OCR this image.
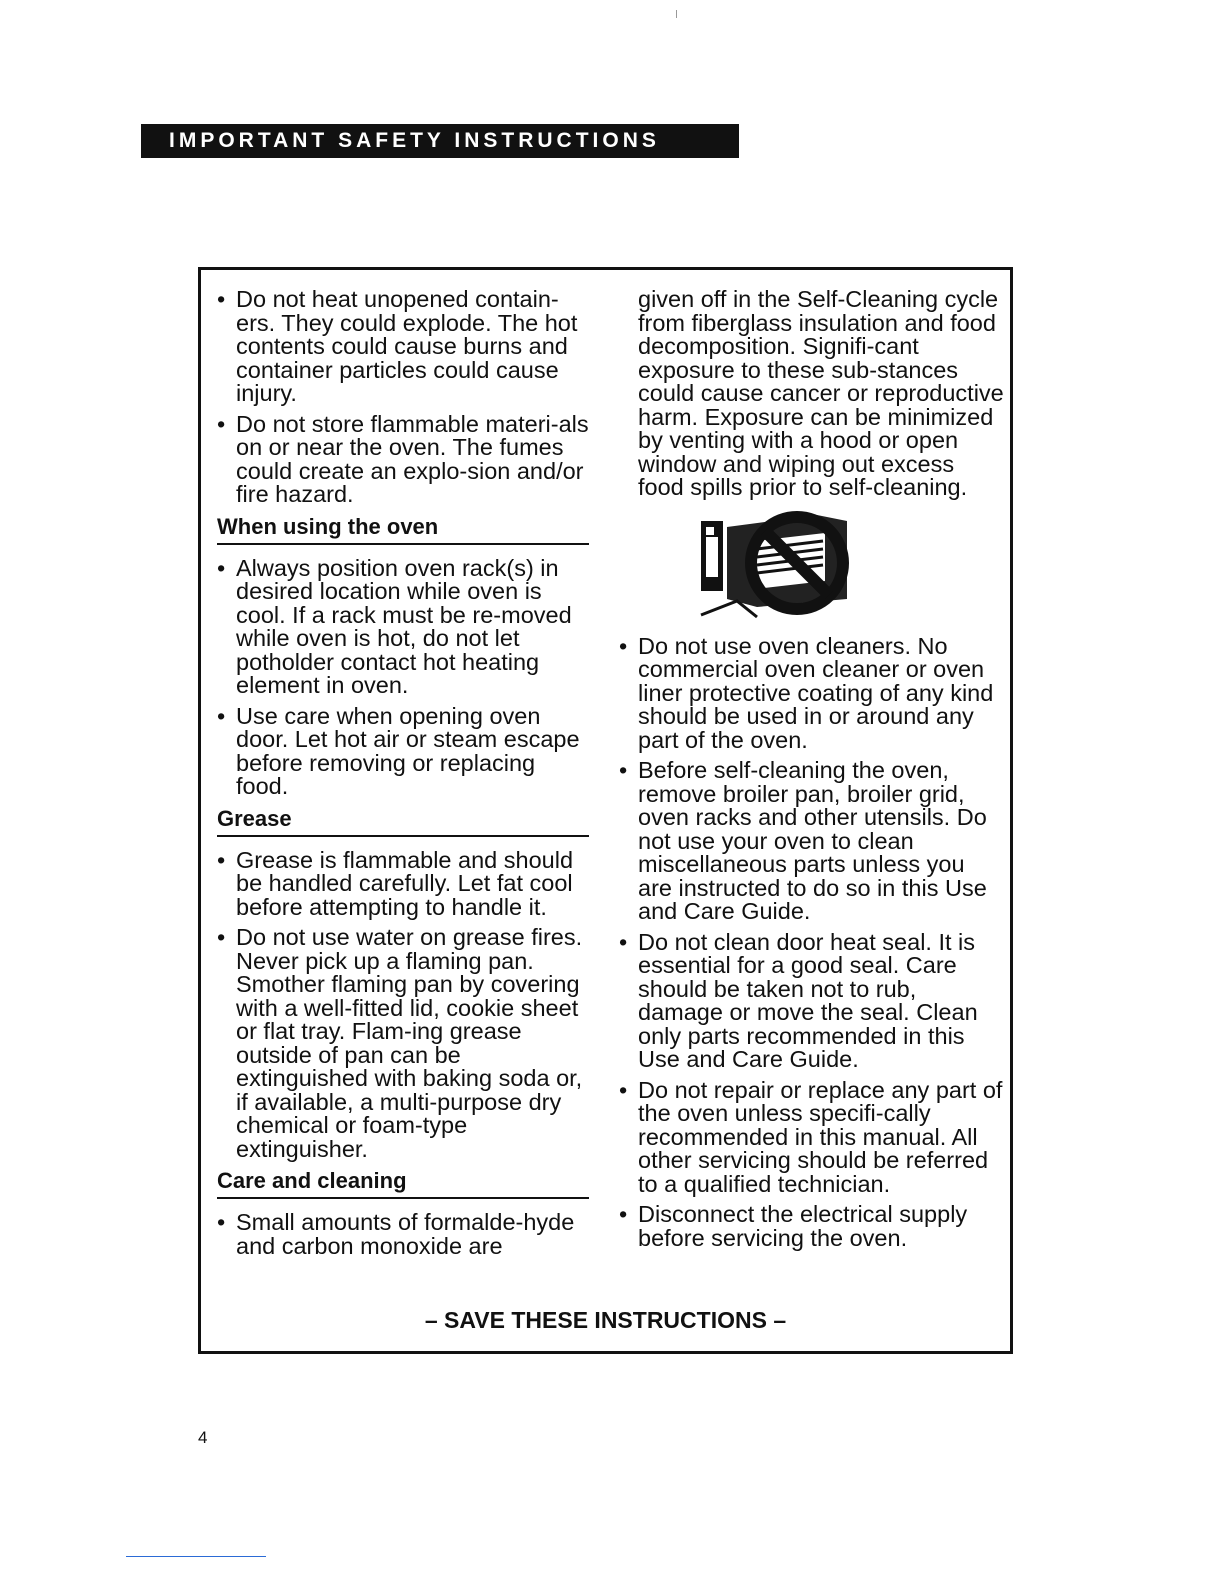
IMPORTANT SAFETY INSTRUCTIONS
• Do not heat unopened contain-ers. They could explode. The hot contents could cause burns and container particles could cause injury.
• Do not store flammable materi-als on or near the oven. The fumes could create an explo-sion and/or fire hazard.
When using the oven
• Always position oven rack(s) in desired location while oven is cool. If a rack must be re-moved while oven is hot, do not let potholder contact hot heating element in oven.
• Use care when opening oven door. Let hot air or steam escape before removing or replacing food.
Grease
• Grease is flammable and should be handled carefully. Let fat cool before attempting to handle it.
• Do not use water on grease fires. Never pick up a flaming pan. Smother flaming pan by covering with a well-fitted lid, cookie sheet or flat tray. Flam-ing grease outside of pan can be extinguished with baking soda or, if available, a multi-purpose dry chemical or foam-type extinguisher.
Care and cleaning
• Small amounts of formalde-hyde and carbon monoxide are
given off in the Self-Cleaning cycle from fiberglass insulation and food decomposition. Signifi-cant exposure to these sub-stances could cause cancer or reproductive harm. Exposure can be minimized by venting with a hood or open window and wiping out excess food spills prior to self-cleaning.
• Do not use oven cleaners. No commercial oven cleaner or oven liner protective coating of any kind should be used in or around any part of the oven.
• Before self-cleaning the oven, remove broiler pan, broiler grid, oven racks and other utensils. Do not use your oven to clean miscellaneous parts unless you are instructed to do so in this Use and Care Guide.
• Do not clean door heat seal. It is essential for a good seal. Care should be taken not to rub, damage or move the seal. Clean only parts recommended in this Use and Care Guide.
• Do not repair or replace any part of the oven unless specifi-cally recommended in this manual. All other servicing should be referred to a qualified technician.
• Disconnect the electrical supply before servicing the oven.
– SAVE THESE INSTRUCTIONS –
4
